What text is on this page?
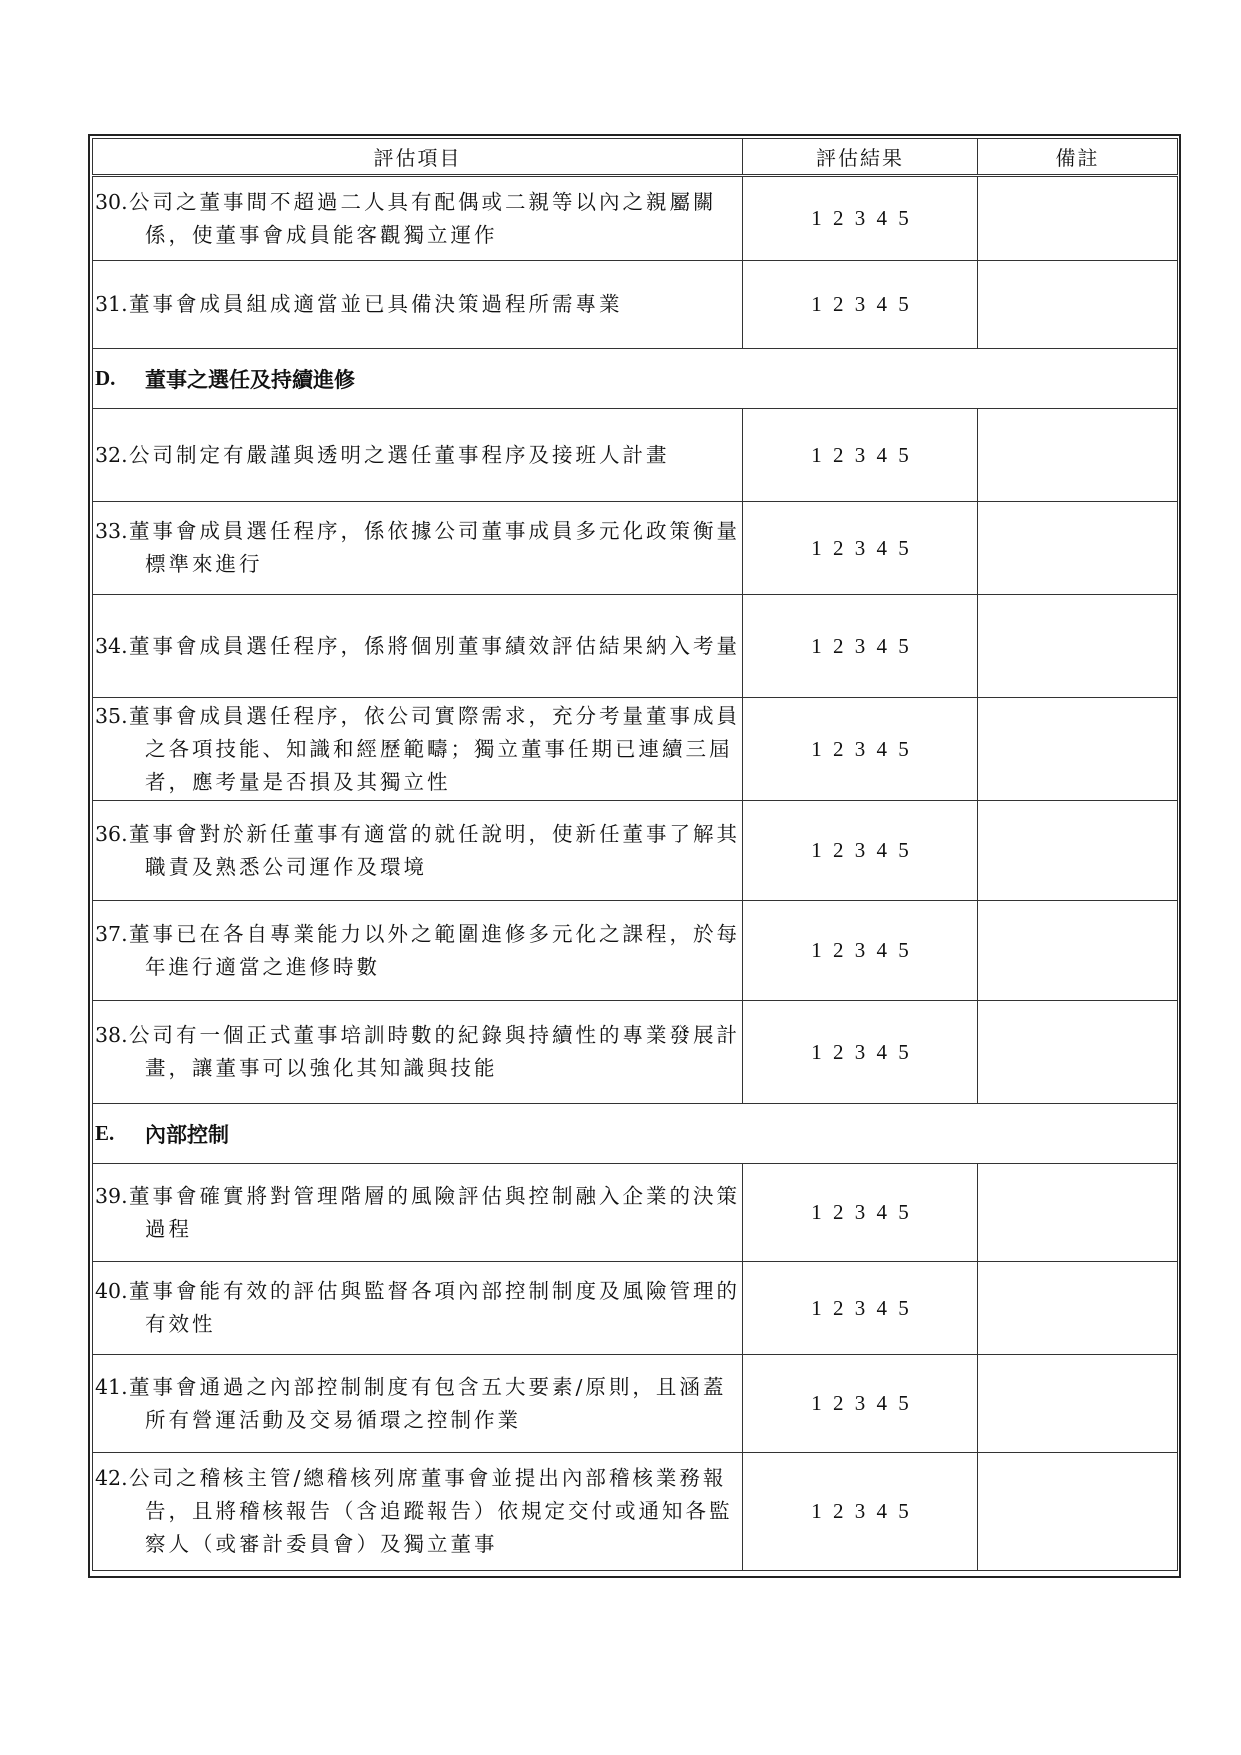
評估項目	評估結果	備註

30. 公司之董事間不超過二人具有配偶或二親等以內之親屬關係，使董事會成員能客觀獨立運作	1 2 3 4 5	

31. 董事會成員組成適當並已具備決策過程所需專業	1 2 3 4 5	

D. 董事之選任及持續進修		

32. 公司制定有嚴謹與透明之選任董事程序及接班人計畫	1 2 3 4 5	

33. 董事會成員選任程序，係依據公司董事成員多元化政策衡量標準來進行	1 2 3 4 5	

34. 董事會成員選任程序，係將個別董事績效評估結果納入考量	1 2 3 4 5	

35. 董事會成員選任程序，依公司實際需求，充分考量董事成員之各項技能、知識和經歷範疇；獨立董事任期已連續三屆者，應考量是否損及其獨立性	1 2 3 4 5	

36. 董事會對於新任董事有適當的就任說明，使新任董事了解其職責及熟悉公司運作及環境	1 2 3 4 5	

37. 董事已在各自專業能力以外之範圍進修多元化之課程，於每年進行適當之進修時數	1 2 3 4 5	

38. 公司有一個正式董事培訓時數的紀錄與持續性的專業發展計畫，讓董事可以強化其知識與技能	1 2 3 4 5	

E. 內部控制		

39. 董事會確實將對管理階層的風險評估與控制融入企業的決策過程	1 2 3 4 5	

40. 董事會能有效的評估與監督各項內部控制制度及風險管理的有效性	1 2 3 4 5	

41. 董事會通過之內部控制制度有包含五大要素/原則，且涵蓋所有營運活動及交易循環之控制作業	1 2 3 4 5	

42. 公司之稽核主管/總稽核列席董事會並提出內部稽核業務報告，且將稽核報告（含追蹤報告）依規定交付或通知各監察人（或審計委員會）及獨立董事	1 2 3 4 5	
